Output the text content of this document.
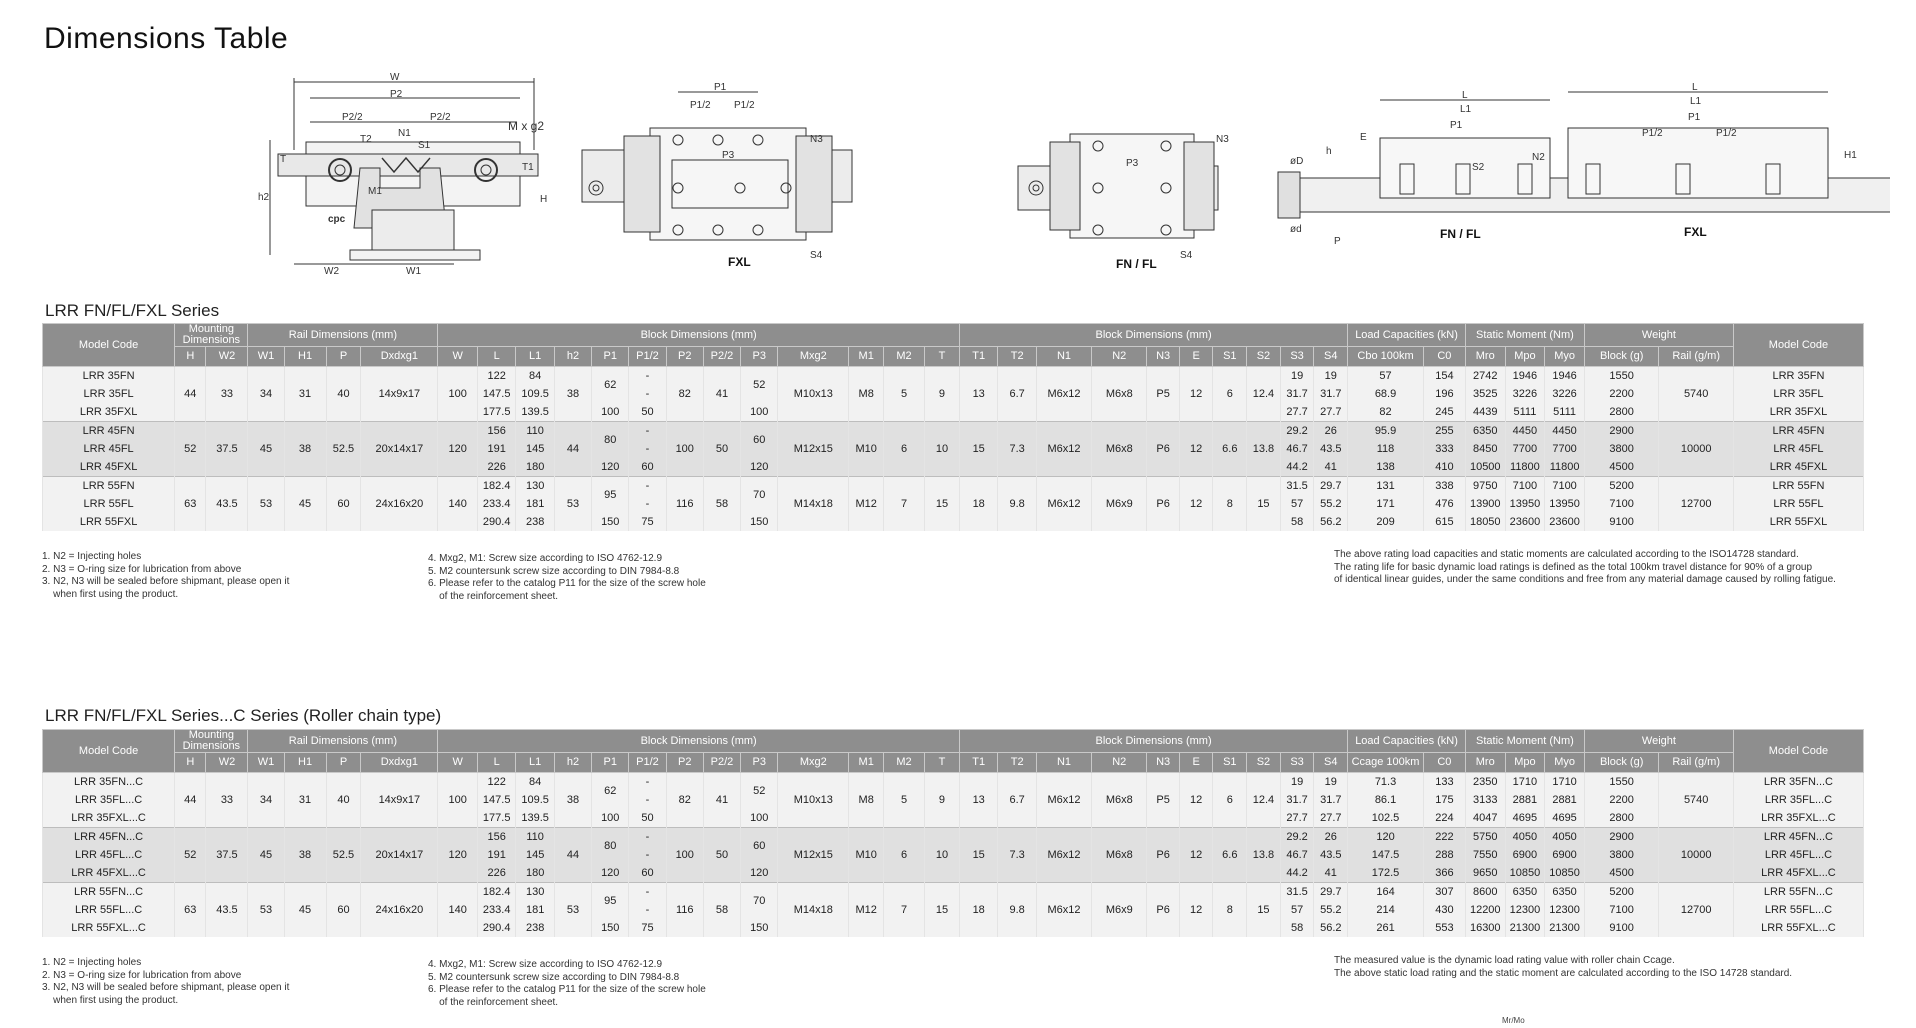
Dimensions Table
W
P2
P2/2	P2/2
h2
T
T1
T2
N1
S1
M1
H
M x g2
cpc
W2	W1
P1
P1/2 P1/2
N3
P3
S4
FXL
N3
P3
S4
FN / FL
L
L1
P1
S2
N2
E
øD
ød
h
P
L
L1
P1
P1/2	P1/2
H1
FN / FL	FXL
LRR FN/FL/FXL Series
Model Code	Mounting Dimensions		Rail Dimensions (mm)				Block Dimensions (mm)													Block Dimensions (mm)										Load Capacities (kN)		Static Moment (Nm)			Weight		Model Code
	H	W2	W1	H1	P	Dxdxg1	W	L	L1	h2	P1	P1/2	P2	P2/2	P3	Mxg2	M1	M2	T	T1	T2	N1	N2	N3	E	S1	S2	S3	S4	Cbo 100km	C0	Mro	Mpo	Myo	Block (g)	Rail (g/m)	
LRR 35FN	44	33	34	31	40	14x9x17	100	122	84	38	62	-	82	41	52	M10x13	M8	5	9	13	6.7	M6x12	M6x8	P5	12	6	12.4	19	19	57	154	2742	1946	1946	1550	5740	LRR 35FN
LRR 35FL								147.5	109.5			-																31.7	31.7	68.9	196	3525	3226	3226	2200		LRR 35FL
LRR 35FXL								177.5	139.5		100	50			100													27.7	27.7	82	245	4439	5111	5111	2800		LRR 35FXL
LRR 45FN	52	37.5	45	38	52.5	20x14x17	120	156	110	44	80	-	100	50	60	M12x15	M10	6	10	15	7.3	M6x12	M6x8	P6	12	6.6	13.8	29.2	26	95.9	255	6350	4450	4450	2900	10000	LRR 45FN
LRR 45FL								191	145			-																46.7	43.5	118	333	8450	7700	7700	3800		LRR 45FL
LRR 45FXL								226	180		120	60			120													44.2	41	138	410	10500	11800	11800	4500		LRR 45FXL
LRR 55FN	63	43.5	53	45	60	24x16x20	140	182.4	130	53	95	-	116	58	70	M14x18	M12	7	15	18	9.8	M6x12	M6x9	P6	12	8	15	31.5	29.7	131	338	9750	7100	7100	5200	12700	LRR 55FN
LRR 55FL								233.4	181			-																57	55.2	171	476	13900	13950	13950	7100		LRR 55FL
LRR 55FXL								290.4	238		150	75			150													58	56.2	209	615	18050	23600	23600	9100		LRR 55FXL
1. N2 = Injecting holes
2. N3 = O-ring size for lubrication from above
3. N2, N3 will be sealed before shipmant, please open it
when first using the product.
4. Mxg2, M1: Screw size according to ISO 4762-12.9
5. M2 countersunk screw size according to DIN 7984-8.8
6. Please refer to the catalog P11 for the size of the screw hole
of the reinforcement sheet.
The above rating load capacities and static moments are calculated according to the ISO14728 standard.
The rating life for basic dynamic load ratings is defined as the total 100km travel distance for 90% of a group
of identical linear guides, under the same conditions and free from any material damage caused by rolling fatigue.
LRR FN/FL/FXL Series...C Series (Roller chain type)
Model Code	Mounting Dimensions		Rail Dimensions (mm)				Block Dimensions (mm)													Block Dimensions (mm)										Load Capacities (kN)		Static Moment (Nm)			Weight		Model Code
	H	W2	W1	H1	P	Dxdxg1	W	L	L1	h2	P1	P1/2	P2	P2/2	P3	Mxg2	M1	M2	T	T1	T2	N1	N2	N3	E	S1	S2	S3	S4	Ccage 100km	C0	Mro	Mpo	Myo	Block (g)	Rail (g/m)	
LRR 35FN...C	44	33	34	31	40	14x9x17	100	122	84	38	62	-	82	41	52	M10x13	M8	5	9	13	6.7	M6x12	M6x8	P5	12	6	12.4	19	19	71.3	133	2350	1710	1710	1550	5740	LRR 35FN...C
LRR 35FL...C								147.5	109.5			-																31.7	31.7	86.1	175	3133	2881	2881	2200		LRR 35FL...C
LRR 35FXL...C								177.5	139.5		100	50			100													27.7	27.7	102.5	224	4047	4695	4695	2800		LRR 35FXL...C
LRR 45FN...C	52	37.5	45	38	52.5	20x14x17	120	156	110	44	80	-	100	50	60	M12x15	M10	6	10	15	7.3	M6x12	M6x8	P6	12	6.6	13.8	29.2	26	120	222	5750	4050	4050	2900	10000	LRR 45FN...C
LRR 45FL...C								191	145			-																46.7	43.5	147.5	288	7550	6900	6900	3800		LRR 45FL...C
LRR 45FXL...C								226	180		120	60			120													44.2	41	172.5	366	9650	10850	10850	4500		LRR 45FXL...C
LRR 55FN...C	63	43.5	53	45	60	24x16x20	140	182.4	130	53	95	-	116	58	70	M14x18	M12	7	15	18	9.8	M6x12	M6x9	P6	12	8	15	31.5	29.7	164	307	8600	6350	6350	5200	12700	LRR 55FN...C
LRR 55FL...C								233.4	181			-																57	55.2	214	430	12200	12300	12300	7100		LRR 55FL...C
LRR 55FXL...C								290.4	238		150	75			150													58	56.2	261	553	16300	21300	21300	9100		LRR 55FXL...C
1. N2 = Injecting holes
2. N3 = O-ring size for lubrication from above
3. N2, N3 will be sealed before shipmant, please open it
when first using the product.
4. Mxg2, M1: Screw size according to ISO 4762-12.9
5. M2 countersunk screw size according to DIN 7984-8.8
6. Please refer to the catalog P11 for the size of the screw hole
of the reinforcement sheet.
The measured value is the dynamic load rating value with roller chain Ccage.
The above static load rating and the static moment are calculated according to the ISO 14728 standard.
Mr/Mo
